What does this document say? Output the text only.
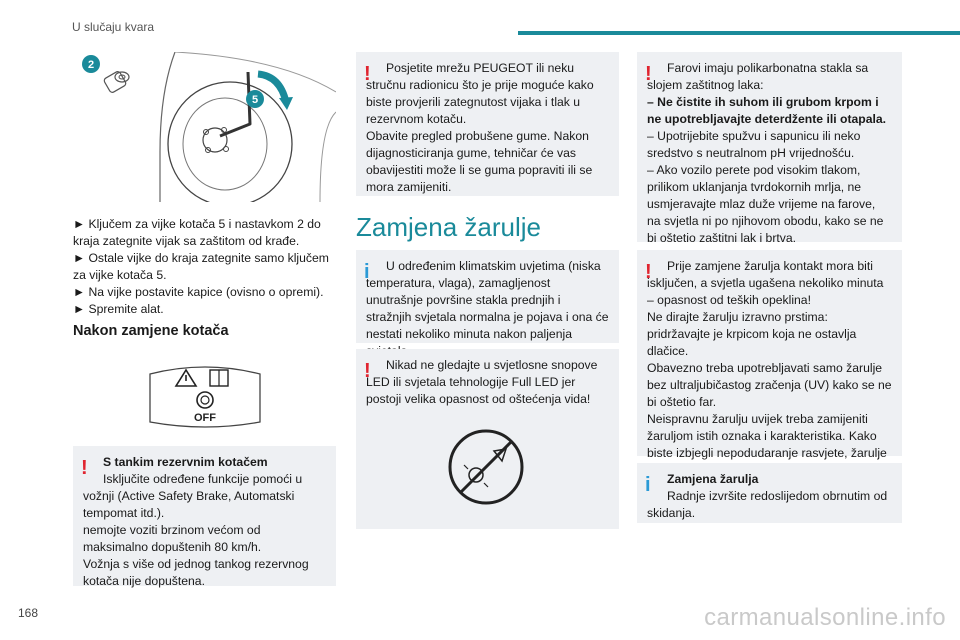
U slučaju kvara
2
5

► Ključem za vijke kotača 5 i nastavkom 2 do kraja zategnite vijak sa zaštitom od krađe.

► Ostale vijke do kraja zategnite samo ključem za vijke kotača 5.

► Na vijke postavite kapice (ovisno o opremi).

► Spremite alat.

Nakon zamjene kotača
OFF
!	S tankim rezervnim kotačem

Isključite određene funkcije pomoći u vožnji (Active Safety Brake, Automatski tempomat itd.).

nemojte voziti brzinom većom od maksimalno dopuštenih 80 km/h.

Vožnja s više od jednog tankog rezervnog kotača nije dopuštena.

!	Posjetite mrežu PEUGEOT ili neku stručnu radionicu što je prije moguće kako biste provjerili zategnutost vijaka i tlak u rezervnom kotaču.

Obavite pregled probušene gume. Nakon dijagnosticiranja gume, tehničar će vas obavijestiti može li se guma popraviti ili se mora zamijeniti.

Zamjena žarulje
i	U određenim klimatskim uvjetima (niska temperatura, vlaga), zamagljenost unutrašnje površine stakla prednjih i stražnjih svjetala normalna je pojava i ona će nestati nekoliko minuta nakon paljenja

!	Nikad ne gledajte u svjetlosne snopove LED ili svjetala tehnologije Full LED jer postoji velika opasnost od oštećenja vida!

!	Farovi imaju polikarbonatna stakla sa slojem zaštitnog laka:

– Ne čistite ih suhom ili grubom krpom i ne upotrebljavajte deterdžente ili otapala.

– Upotrijebite spužvu i sapunicu ili neko sredstvo s neutralnom pH vrijednošću.

– Ako vozilo perete pod visokim tlakom, prilikom uklanjanja tvrdokornih mrlja, ne usmjeravajte mlaz duže vrijeme na farove, na svjetla ni po njihovom obodu, kako se ne bi oštetio zaštitni lak i brtva.

!	Prije zamjene žarulja kontakt mora biti isključen, a svjetla ugašena nekoliko minuta – opasnost od teških opeklina!

Ne dirajte žarulju izravno prstima: pridržavajte je krpicom koja ne ostavlja dlačice.

Obavezno treba upotrebljavati samo žarulje bez ultraljubičastog zračenja (UV) kako se ne bi oštetio far.

Neispravnu žarulju uvijek treba zamijeniti žaruljom istih oznaka i karakteristika. Kako biste izbjegli nepodudaranje rasvjete, žarulje

i	Zamjena žarulja

Radnje izvršite redoslijedom obrnutim od skidanja.

168	carmanualsonline.info
